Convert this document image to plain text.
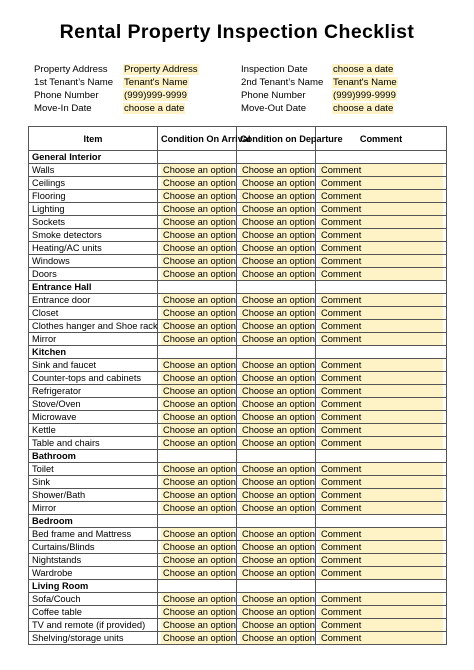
Rental Property Inspection Checklist
Property Address	Property Address	Inspection Date	choose a date
1st Tenant’s Name	Tenant's Name	2nd Tenant’s Name	Tenant's Name
Phone Number	(999)999-9999	Phone Number	(999)999-9999
Move-In Date	choose a date	Move-Out Date	choose a date
Item	Condition On Arrival	Condition on Departure	Comment
General Interior			
Walls	Choose an option	Choose an option	Comment

Ceilings	Choose an option	Choose an option	Comment

Flooring	Choose an option	Choose an option	Comment

Lighting	Choose an option	Choose an option	Comment

Sockets	Choose an option	Choose an option	Comment

Smoke detectors	Choose an option	Choose an option	Comment

Heating/AC units	Choose an option	Choose an option	Comment

Windows	Choose an option	Choose an option	Comment

Doors	Choose an option	Choose an option	Comment

Entrance Hall			
Entrance door	Choose an option	Choose an option	Comment

Closet	Choose an option	Choose an option	Comment

Clothes hanger and Shoe rack	Choose an option	Choose an option	Comment

Mirror	Choose an option	Choose an option	Comment

Kitchen			
Sink and faucet	Choose an option	Choose an option	Comment

Counter-tops and cabinets	Choose an option	Choose an option	Comment

Refrigerator	Choose an option	Choose an option	Comment

Stove/Oven	Choose an option	Choose an option	Comment

Microwave	Choose an option	Choose an option	Comment

Kettle	Choose an option	Choose an option	Comment

Table and chairs	Choose an option	Choose an option	Comment

Bathroom			
Toilet	Choose an option	Choose an option	Comment

Sink	Choose an option	Choose an option	Comment

Shower/Bath	Choose an option	Choose an option	Comment

Mirror	Choose an option	Choose an option	Comment

Bedroom			
Bed frame and Mattress	Choose an option	Choose an option	Comment

Curtains/Blinds	Choose an option	Choose an option	Comment

Nightstands	Choose an option	Choose an option	Comment

Wardrobe	Choose an option	Choose an option	Comment

Living Room			
Sofa/Couch	Choose an option	Choose an option	Comment

Coffee table	Choose an option	Choose an option	Comment

TV and remote (if provided)	Choose an option	Choose an option	Comment

Shelving/storage units	Choose an option	Choose an option	Comment
